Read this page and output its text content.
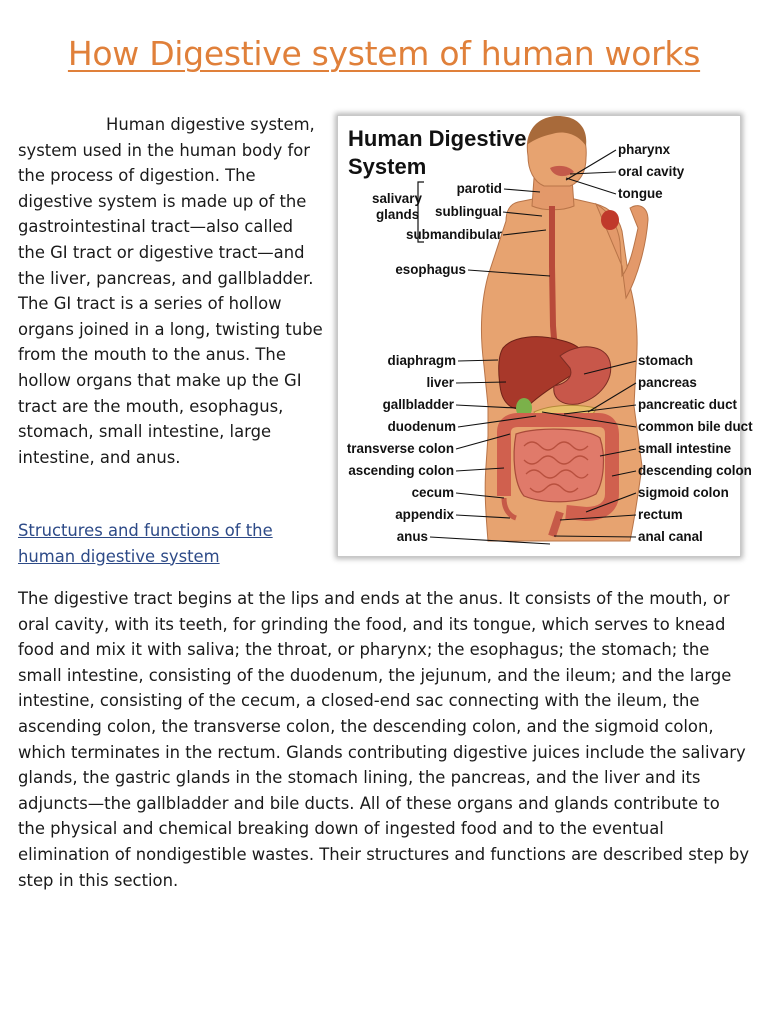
How Digestive system of human works

Human digestive system, system used in the human body for the process of digestion. The digestive system is made up of the gastrointestinal tract—also called the GI tract or digestive tract—and the liver, pancreas, and gallbladder. The GI tract is a series of hollow organs joined in a long, twisting tube from the mouth to the anus. The hollow organs that make up the GI tract are the mouth, esophagus, stomach, small intestine, large intestine, and anus.

Human Digestive
System
salivary
glands
parotid
sublingual
submandibular
esophagus
diaphragm
liver
gallbladder
duodenum
transverse colon
ascending colon
cecum
appendix
anus
pharynx
oral cavity
tongue
stomach
pancreas
pancreatic duct
common bile duct
small intestine
descending colon
sigmoid colon
rectum
anal canal
Structures and functions of the human digestive system

The digestive tract begins at the lips and ends at the anus. It consists of the mouth, or oral cavity, with its teeth, for grinding the food, and its tongue, which serves to knead food and mix it with saliva; the throat, or pharynx; the esophagus; the stomach; the small intestine, consisting of the duodenum, the jejunum, and the ileum; and the large intestine, consisting of the cecum, a closed-end sac connecting with the ileum, the ascending colon, the transverse colon, the descending colon, and the sigmoid colon, which terminates in the rectum. Glands contributing digestive juices include the salivary glands, the gastric glands in the stomach lining, the pancreas, and the liver and its adjuncts—the gallbladder and bile ducts. All of these organs and glands contribute to the physical and chemical breaking down of ingested food and to the eventual elimination of nondigestible wastes. Their structures and functions are described step by step in this section.
